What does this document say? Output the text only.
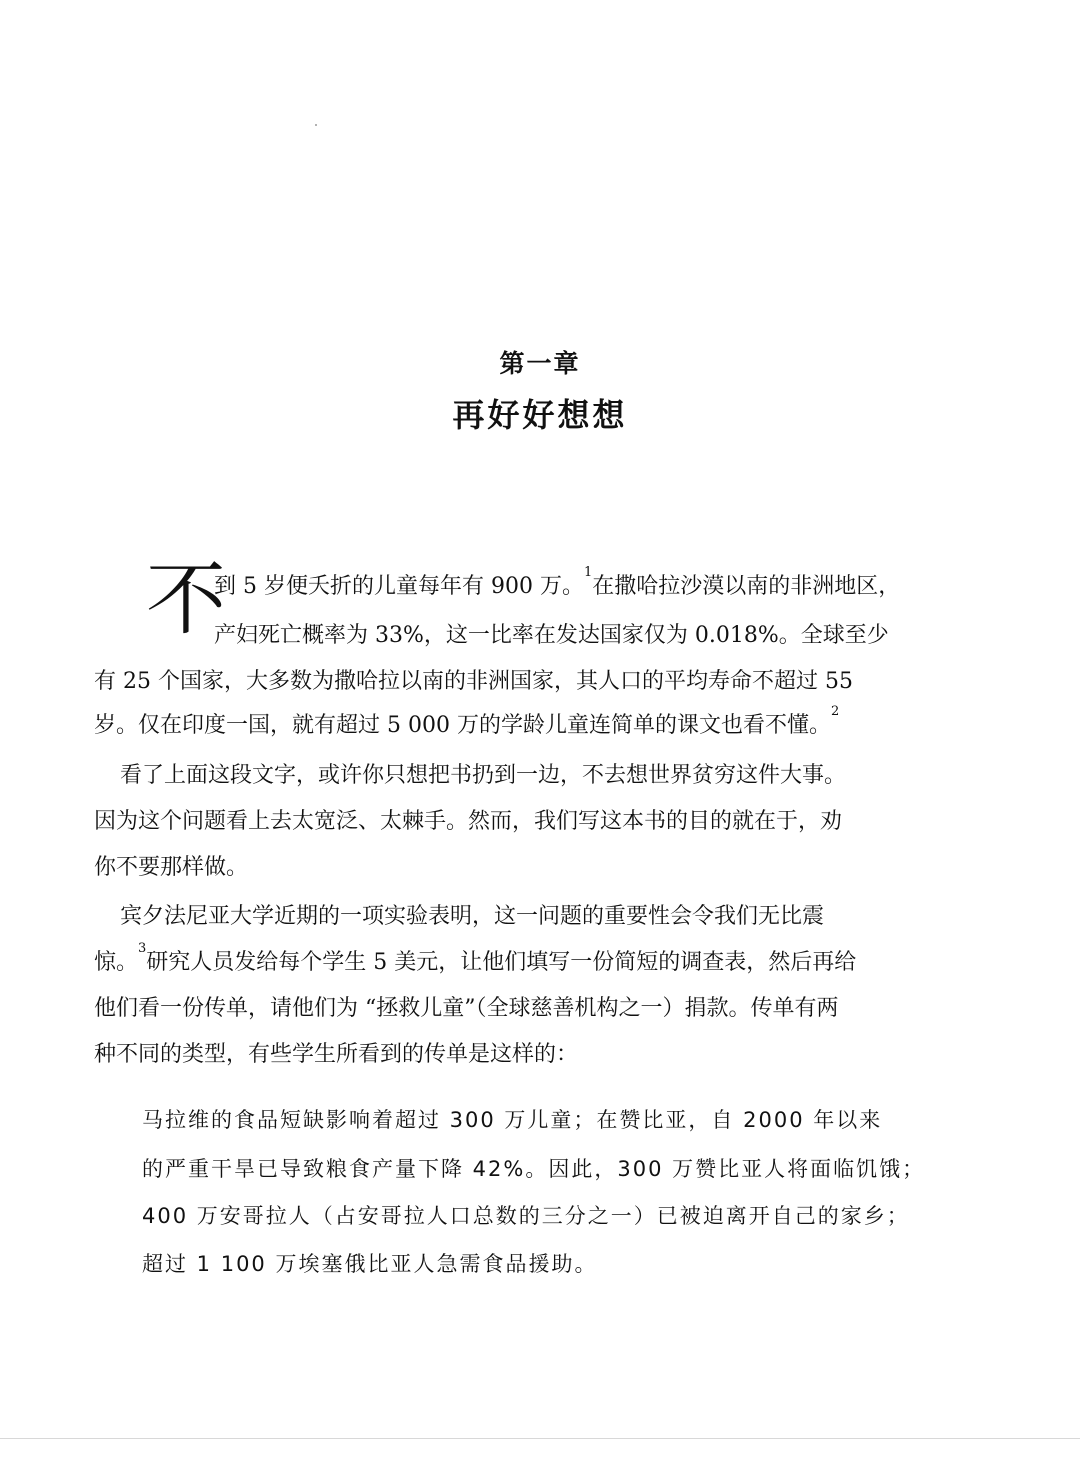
第一章
再好好想想
不
到 5 岁便夭折的儿童每年有 900 万。$^1$在撒哈拉沙漠以南的非洲地区，
产妇死亡概率为 33%，这一比率在发达国家仅为 0.018%。全球至少
有 25 个国家，大多数为撒哈拉以南的非洲国家，其人口的平均寿命不超过 55
岁。仅在印度一国，就有超过 5 000 万的学龄儿童连简单的课文也看不懂。$^2$
看了上面这段文字，或许你只想把书扔到一边，不去想世界贫穷这件大事。
因为这个问题看上去太宽泛、太棘手。然而，我们写这本书的目的就在于，劝
你不要那样做。
宾夕法尼亚大学近期的一项实验表明，这一问题的重要性会令我们无比震
惊。$^3$研究人员发给每个学生 5 美元，让他们填写一份简短的调查表，然后再给
他们看一份传单，请他们为 “拯救儿童”（全球慈善机构之一）捐款。传单有两
种不同的类型，有些学生所看到的传单是这样的：
马拉维的食品短缺影响着超过 300 万儿童；在赞比亚，自 2000 年以来
的严重干旱已导致粮食产量下降 42%。因此，300 万赞比亚人将面临饥饿；
400 万安哥拉人（占安哥拉人口总数的三分之一）已被迫离开自己的家乡；
超过 1 100 万埃塞俄比亚人急需食品援助。
